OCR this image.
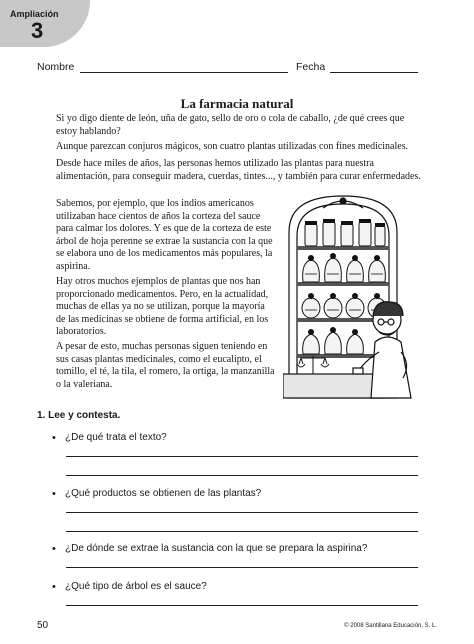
Ampliación
3
Nombre	Fecha
La farmacia natural

Si yo digo diente de león, uña de gato, sello de oro o cola de caballo, ¿de qué crees que estoy hablando?

Aunque parezcan conjuros mágicos, son cuatro plantas utilizadas con fines medicinales.

Desde hace miles de años, las personas hemos utilizado las plantas para nuestra alimentación, para conseguir madera, cuerdas, tintes..., y también para curar enfermedades.

Sabemos, por ejemplo, que los indios americanos utilizaban hace cientos de años la corteza del sauce para calmar los dolores. Y es que de la corteza de este árbol de hoja perenne se extrae la sustancia con la que se elabora uno de los medicamentos más populares, la aspirina.

Hay otros muchos ejemplos de plantas que nos han proporcionado medicamentos. Pero, en la actualidad, muchas de ellas ya no se utilizan, porque la mayoría de las medicinas se obtiene de forma artificial, en los laboratorios.

A pesar de esto, muchas personas siguen teniendo en sus casas plantas medicinales, como el eucalipto, el tomillo, el té, la tila, el romero, la ortiga, la manzanilla o la valeriana.

1. Lee y contesta.
• ¿De qué trata el texto?
• ¿Qué productos se obtienen de las plantas?
• ¿De dónde se extrae la sustancia con la que se prepara la aspirina?
• ¿Qué tipo de árbol es el sauce?
50	© 2008 Santillana Educación, S. L.
